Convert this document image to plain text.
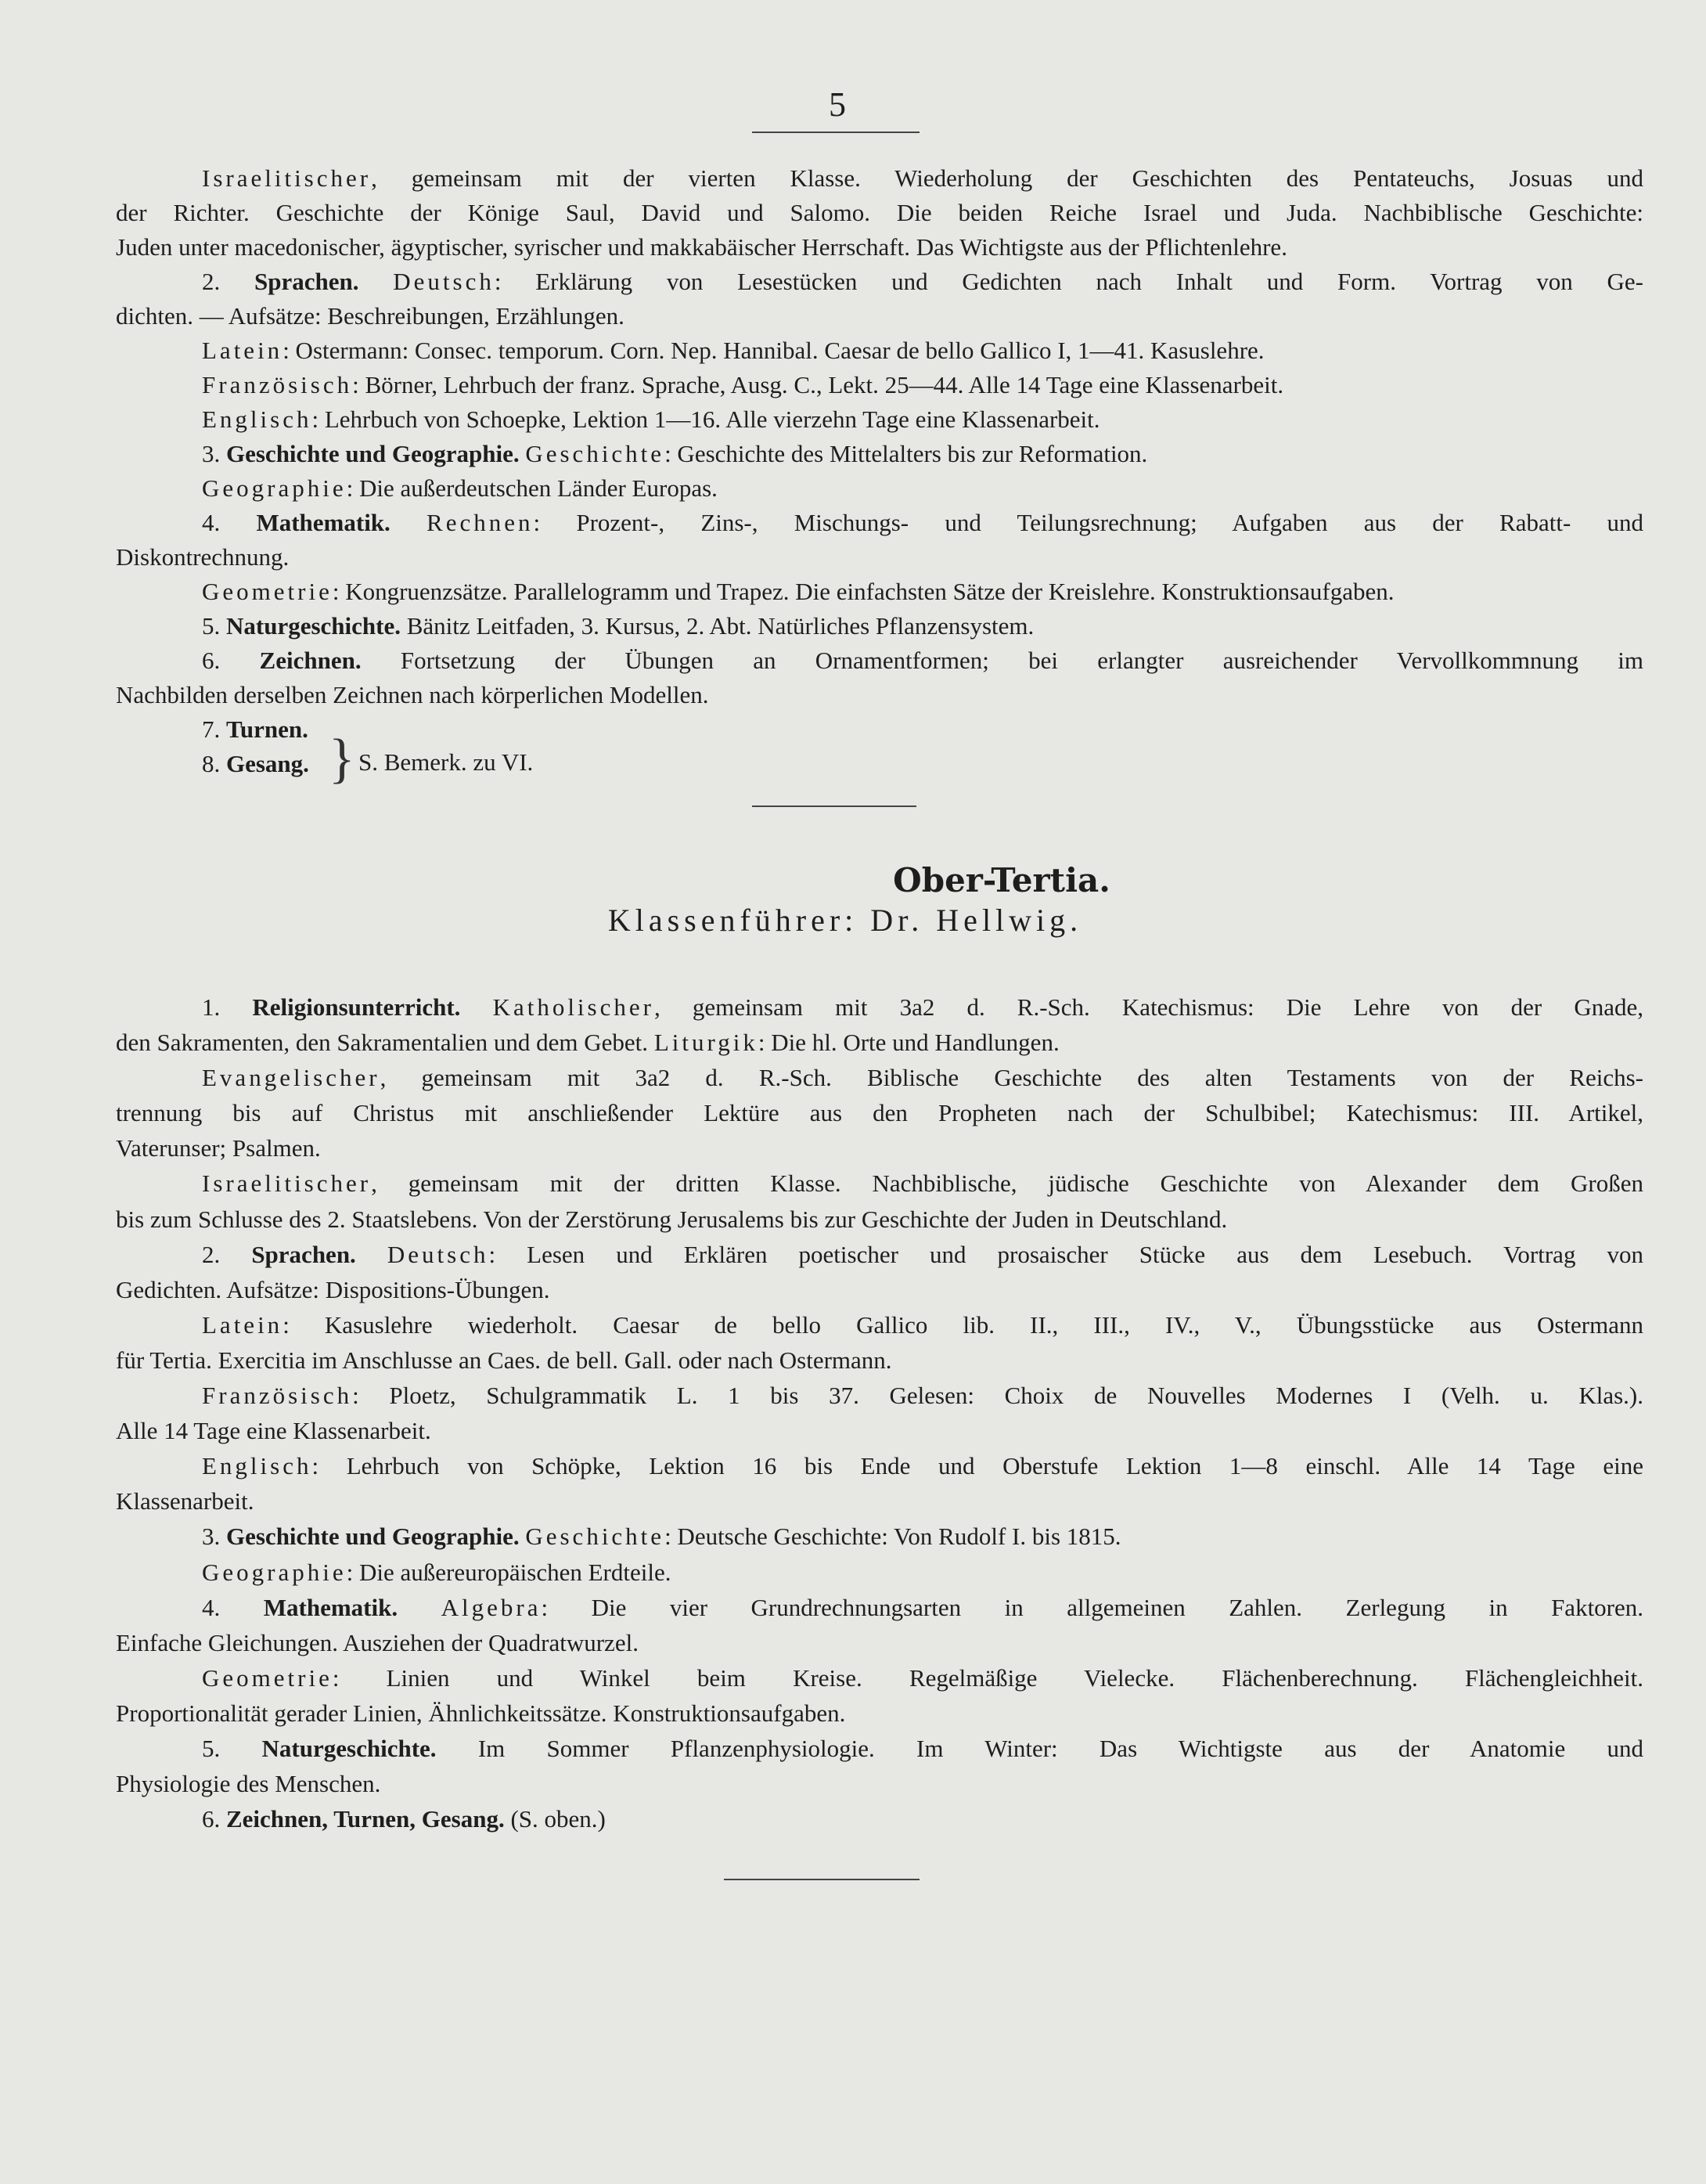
5
Israelitischer, gemeinsam mit der vierten Klasse. Wiederholung der Geschichten des Pentateuchs, Josuas und
der Richter. Geschichte der Könige Saul, David und Salomo. Die beiden Reiche Israel und Juda. Nachbiblische Geschichte:
Juden unter macedonischer, ägyptischer, syrischer und makkabäischer Herrschaft. Das Wichtigste aus der Pflichtenlehre.
2. Sprachen. Deutsch: Erklärung von Lesestücken und Gedichten nach Inhalt und Form. Vortrag von Ge-
dichten. — Aufsätze: Beschreibungen, Erzählungen.
Latein: Ostermann: Consec. temporum. Corn. Nep. Hannibal. Caesar de bello Gallico I, 1—41. Kasuslehre.
Französisch: Börner, Lehrbuch der franz. Sprache, Ausg. C., Lekt. 25—44. Alle 14 Tage eine Klassenarbeit.
Englisch: Lehrbuch von Schoepke, Lektion 1—16. Alle vierzehn Tage eine Klassenarbeit.
3. Geschichte und Geographie. Geschichte: Geschichte des Mittelalters bis zur Reformation.
Geographie: Die außerdeutschen Länder Europas.
4. Mathematik. Rechnen: Prozent-, Zins-, Mischungs- und Teilungsrechnung; Aufgaben aus der Rabatt- und
Diskontrechnung.
Geometrie: Kongruenzsätze. Parallelogramm und Trapez. Die einfachsten Sätze der Kreislehre. Konstruktionsaufgaben.
5. Naturgeschichte. Bänitz Leitfaden, 3. Kursus, 2. Abt. Natürliches Pflanzensystem.
6. Zeichnen. Fortsetzung der Übungen an Ornamentformen; bei erlangter ausreichender Vervollkommnung im
Nachbilden derselben Zeichnen nach körperlichen Modellen.
7. Turnen.
8. Gesang. } S. Bemerk. zu VI.
Ober-Tertia.
Klassenführer: Dr. Hellwig.
1. Religionsunterricht. Katholischer, gemeinsam mit 3a2 d. R.-Sch. Katechismus: Die Lehre von der Gnade,
den Sakramenten, den Sakramentalien und dem Gebet. Liturgik: Die hl. Orte und Handlungen.
Evangelischer, gemeinsam mit 3a2 d. R.-Sch. Biblische Geschichte des alten Testaments von der Reichs-
trennung bis auf Christus mit anschließender Lektüre aus den Propheten nach der Schulbibel; Katechismus: III. Artikel,
Vaterunser; Psalmen.
Israelitischer, gemeinsam mit der dritten Klasse. Nachbiblische, jüdische Geschichte von Alexander dem Großen
bis zum Schlusse des 2. Staatslebens. Von der Zerstörung Jerusalems bis zur Geschichte der Juden in Deutschland.
2. Sprachen. Deutsch: Lesen und Erklären poetischer und prosaischer Stücke aus dem Lesebuch. Vortrag von
Gedichten. Aufsätze: Dispositions-Übungen.
Latein: Kasuslehre wiederholt. Caesar de bello Gallico lib. II., III., IV., V., Übungsstücke aus Ostermann
für Tertia. Exercitia im Anschlusse an Caes. de bell. Gall. oder nach Ostermann.
Französisch: Ploetz, Schulgrammatik L. 1 bis 37. Gelesen: Choix de Nouvelles Modernes I (Velh. u. Klas.).
Alle 14 Tage eine Klassenarbeit.
Englisch: Lehrbuch von Schöpke, Lektion 16 bis Ende und Oberstufe Lektion 1—8 einschl. Alle 14 Tage eine
Klassenarbeit.
3. Geschichte und Geographie. Geschichte: Deutsche Geschichte: Von Rudolf I. bis 1815.
Geographie: Die außereuropäischen Erdteile.
4. Mathematik. Algebra: Die vier Grundrechnungsarten in allgemeinen Zahlen. Zerlegung in Faktoren.
Einfache Gleichungen. Ausziehen der Quadratwurzel.
Geometrie: Linien und Winkel beim Kreise. Regelmäßige Vielecke. Flächenberechnung. Flächengleichheit.
Proportionalität gerader Linien, Ähnlichkeitssätze. Konstruktionsaufgaben.
5. Naturgeschichte. Im Sommer Pflanzenphysiologie. Im Winter: Das Wichtigste aus der Anatomie und
Physiologie des Menschen.
6. Zeichnen, Turnen, Gesang. (S. oben.)
